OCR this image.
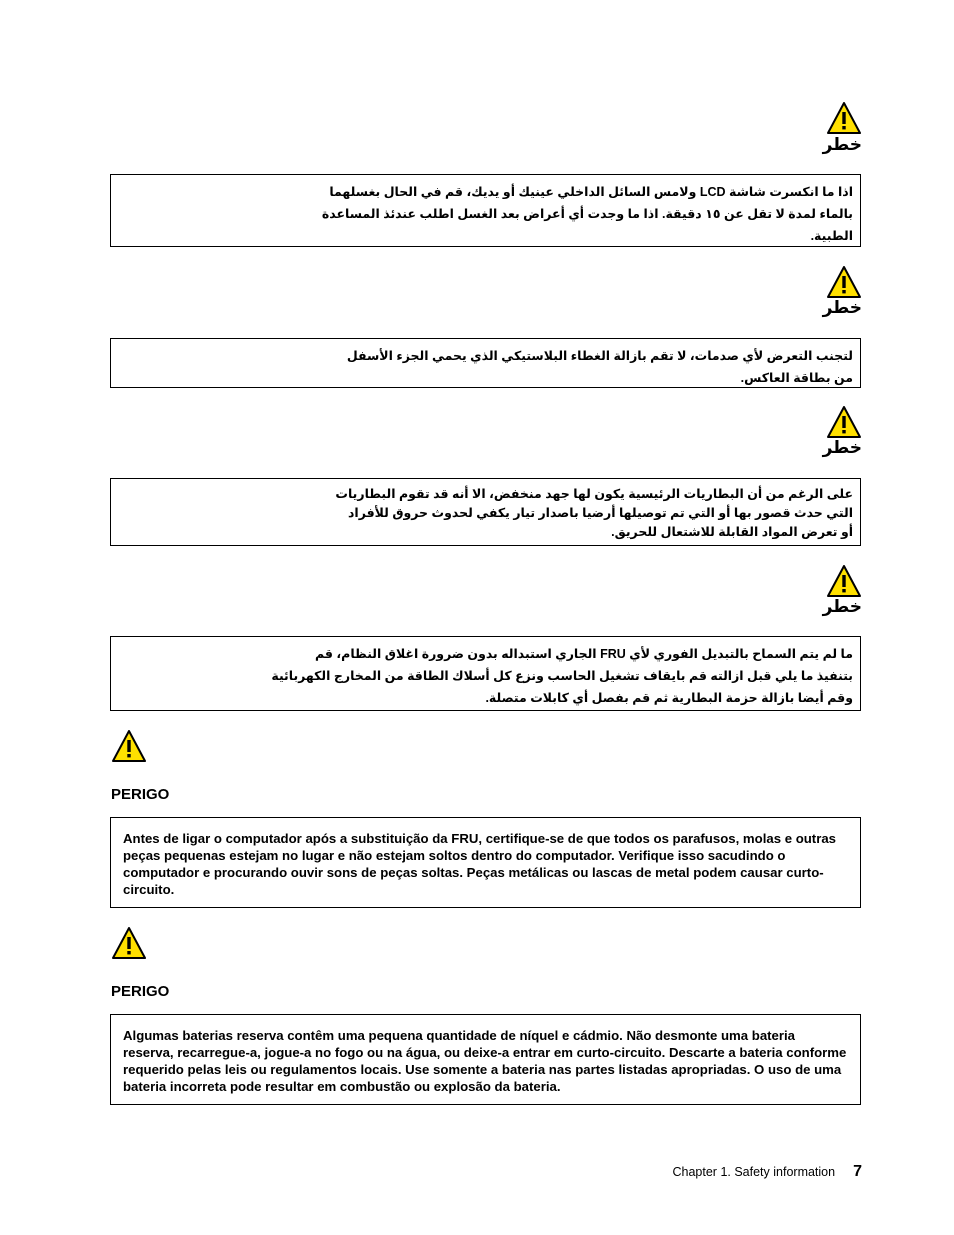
خطر
اذا ما انكسرت شاشة LCD ولامس السائل الداخلي عينيك أو يديك، قم في الحال بغسلهما
بالماء لمدة لا تقل عن ١٥ دقيقة. اذا ما وجدت أي أعراض بعد الغسل اطلب عندئذ المساعدة
الطبية.
خطر
لتجنب التعرض لأي صدمات، لا تقم بازالة الغطاء البلاستيكي الذي يحمي الجزء الأسفل
من بطاقة العاكس.
خطر
على الرغم من أن البطاريات الرئيسية يكون لها جهد منخفض، الا أنه قد تقوم البطاريات
التي حدث قصور بها أو التي تم توصيلها أرضيا باصدار تيار يكفي لحدوث حروق للأفراد
أو تعرض المواد القابلة للاشتعال للحريق.
خطر
ما لم يتم السماح بالتبديل الفوري لأي FRU الجاري استبداله بدون ضرورة اغلاق النظام، قم
بتنفيذ ما يلي قبل ازالته قم بايقاف تشغيل الحاسب ونزع كل أسلاك الطاقة من المخارج الكهربائية
وقم أيضا بازالة حزمة البطارية ثم قم بفصل أي كابلات متصلة.
PERIGO
Antes de ligar o computador após a substituição da FRU, certifique-se de que todos os parafusos, molas e outras peças pequenas estejam no lugar e não estejam soltos dentro do computador. Verifique isso sacudindo o computador e procurando ouvir sons de peças soltas. Peças metálicas ou lascas de metal podem causar curto-circuito.
PERIGO
Algumas baterias reserva contêm uma pequena quantidade de níquel e cádmio. Não desmonte uma bateria reserva, recarregue-a, jogue-a no fogo ou na água, ou deixe-a entrar em curto-circuito. Descarte a bateria conforme requerido pelas leis ou regulamentos locais. Use somente a bateria nas partes listadas apropriadas. O uso de uma bateria incorreta pode resultar em combustão ou explosão da bateria.
Chapter 1. Safety information 7
